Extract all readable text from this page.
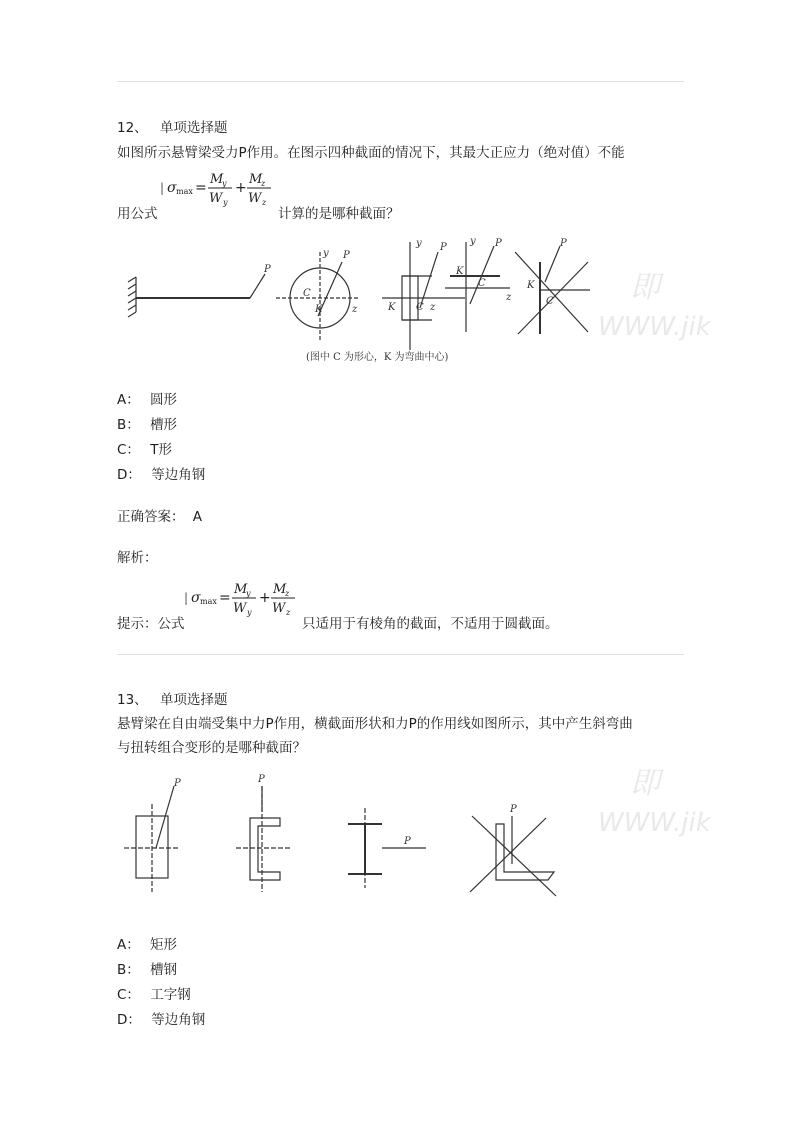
12、 单项选择题
如图所示悬臂梁受力P作用。在图示四种截面的情况下，其最大正应力（绝对值）不能
| σ max =
M
y
W y
+
M
z
W z
用公式	计算的是哪种截面？
P
y P
C
K	z
y P
K C z
y P
K
C
z
P
K
C
(图中 C 为形心，K 为弯曲中心)
即
WWW.jik
A： 圆形
B： 槽形
C： T形
D： 等边角钢
正确答案： A
解析：
| σ max =
M
y
W y
+
M
z
W z
提示：公式	只适用于有棱角的截面，不适用于圆截面。
13、 单项选择题
悬臂梁在自由端受集中力P作用，横截面形状和力P的作用线如图所示，其中产生斜弯曲
与扭转组合变形的是哪种截面？
P	P
P
P
即
WWW.jik
A： 矩形
B： 槽钢
C： 工字钢
D： 等边角钢
